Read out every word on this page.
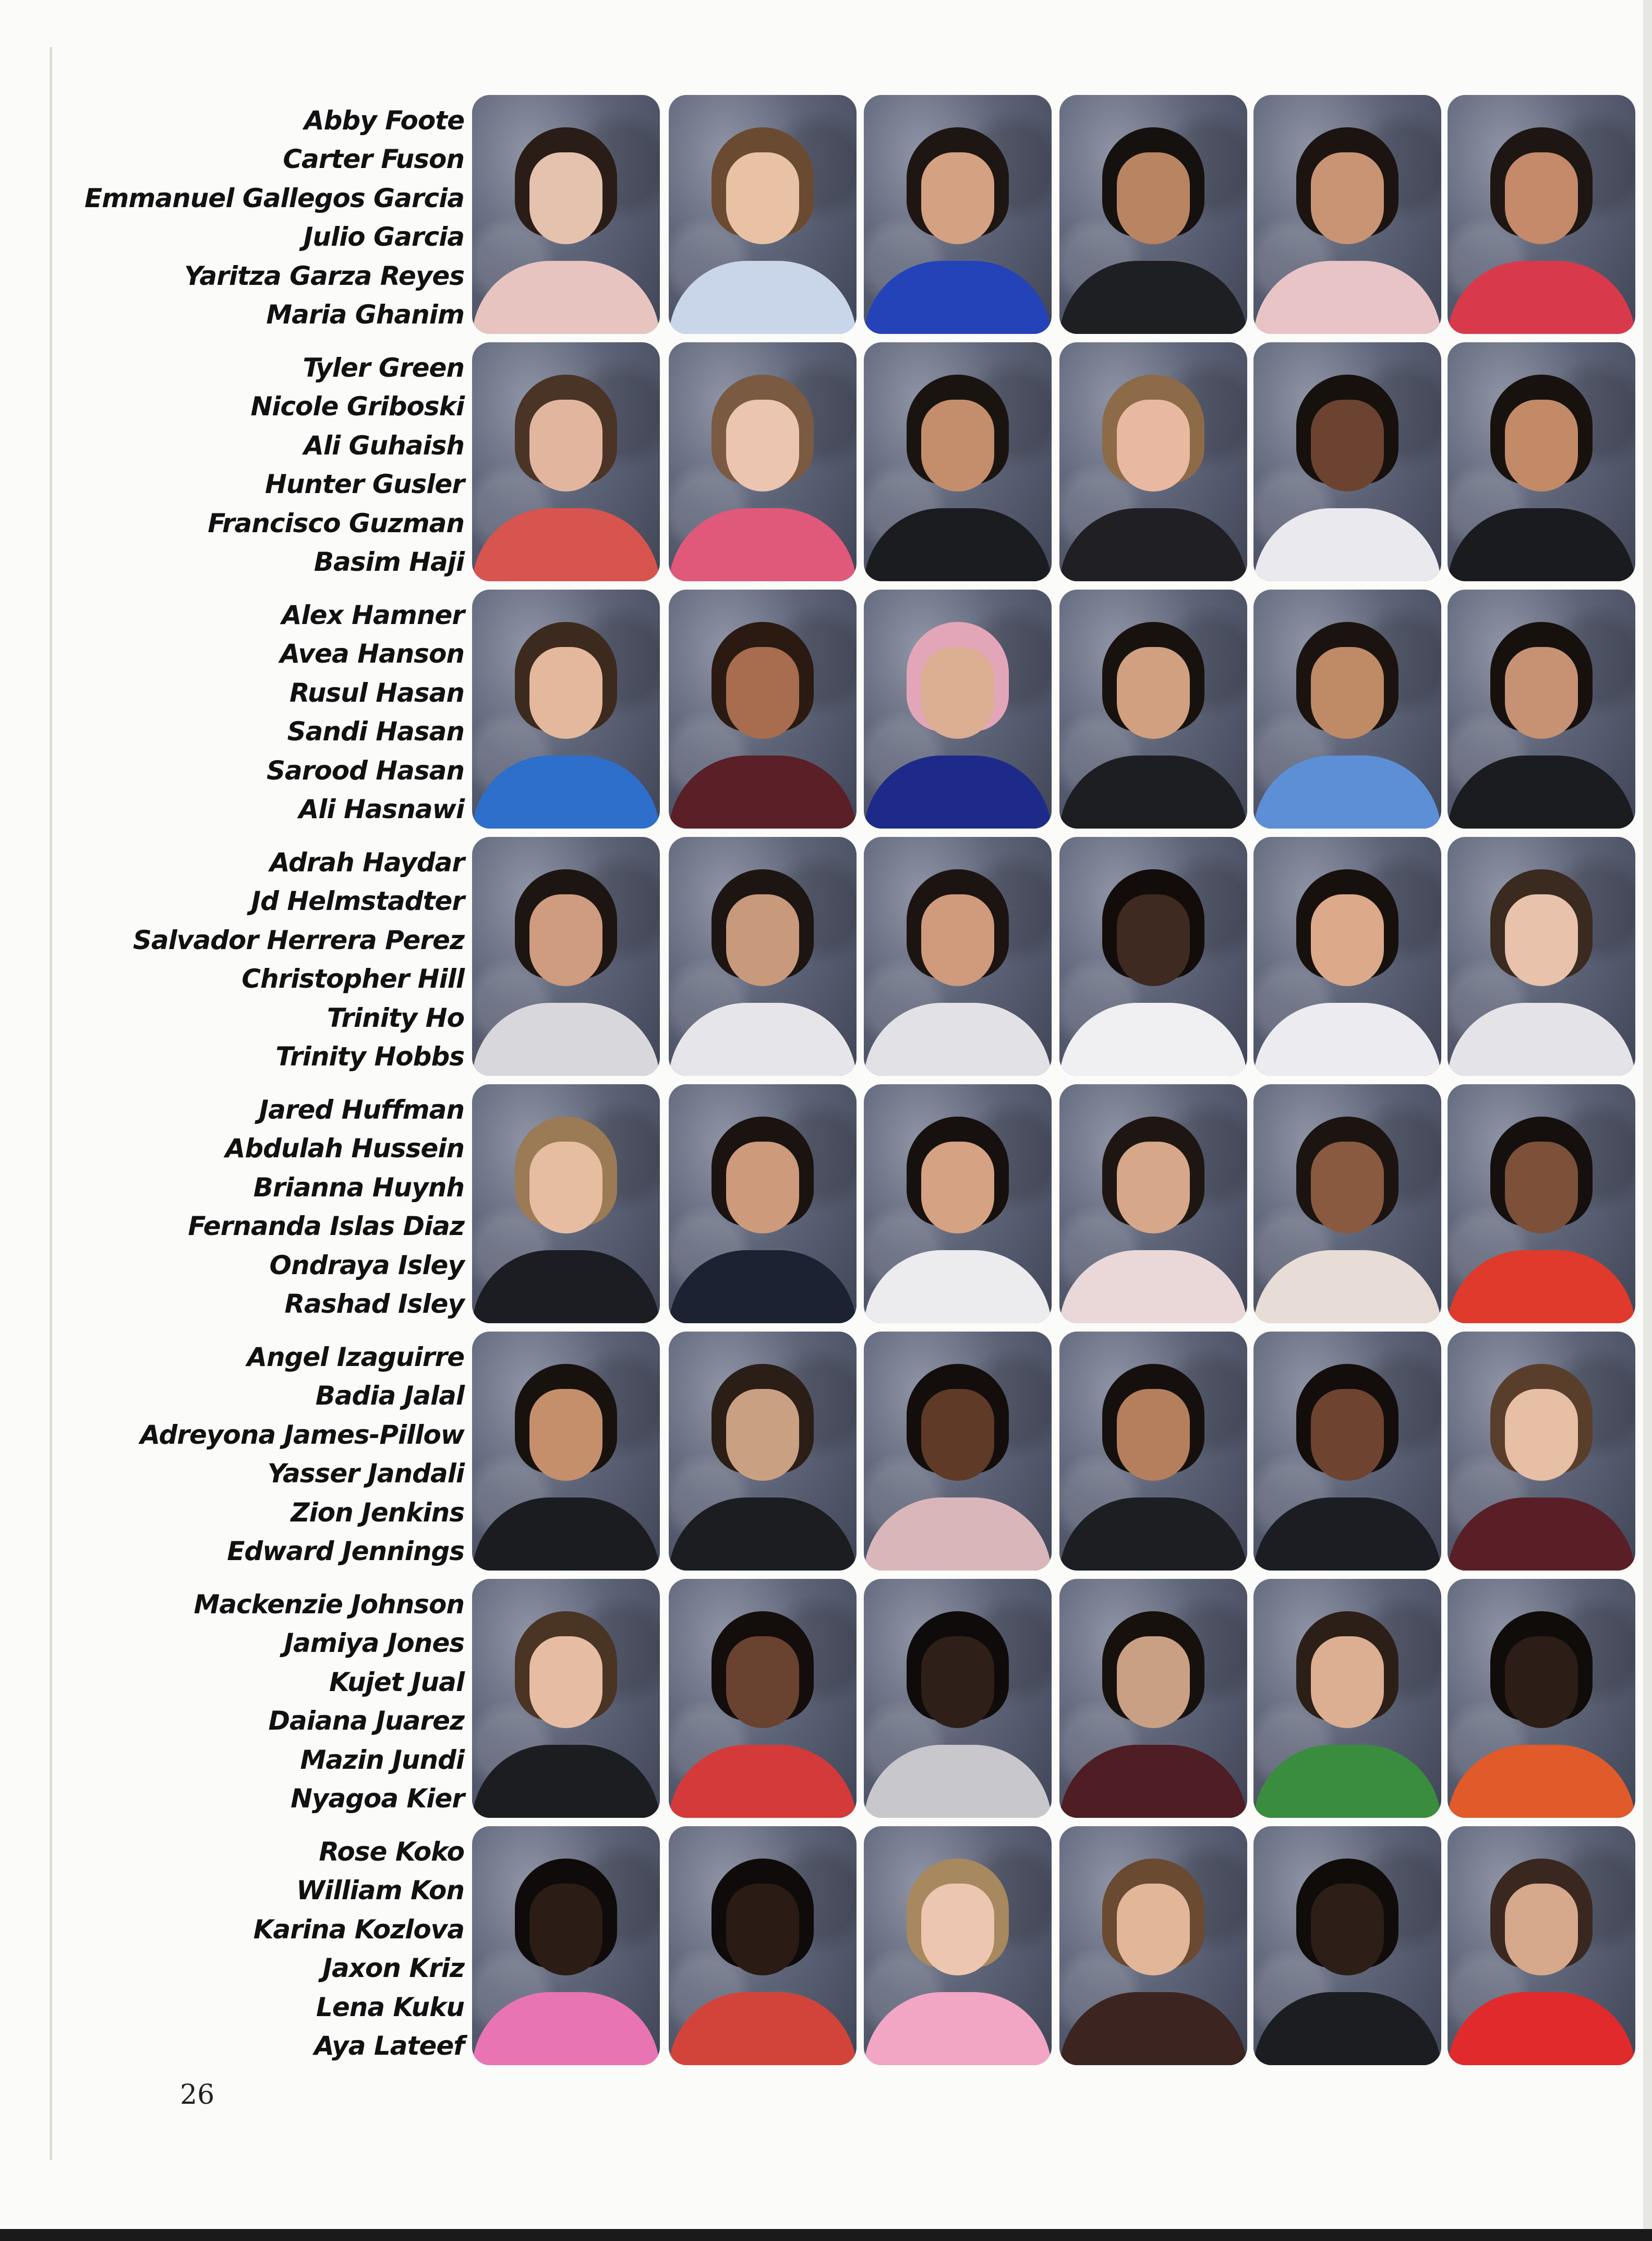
Abby Foote
Carter Fuson
Emmanuel Gallegos Garcia
Julio Garcia
Yaritza Garza Reyes
Maria Ghanim
Tyler Green
Nicole Griboski
Ali Guhaish
Hunter Gusler
Francisco Guzman
Basim Haji
Alex Hamner
Avea Hanson
Rusul Hasan
Sandi Hasan
Sarood Hasan
Ali Hasnawi
Adrah Haydar
Jd Helmstadter
Salvador Herrera Perez
Christopher Hill
Trinity Ho
Trinity Hobbs
Jared Huffman
Abdulah Hussein
Brianna Huynh
Fernanda Islas Diaz
Ondraya Isley
Rashad Isley
Angel Izaguirre
Badia Jalal
Adreyona James-Pillow
Yasser Jandali
Zion Jenkins
Edward Jennings
Mackenzie Johnson
Jamiya Jones
Kujet Jual
Daiana Juarez
Mazin Jundi
Nyagoa Kier
Rose Koko
William Kon
Karina Kozlova
Jaxon Kriz
Lena Kuku
Aya Lateef
26
